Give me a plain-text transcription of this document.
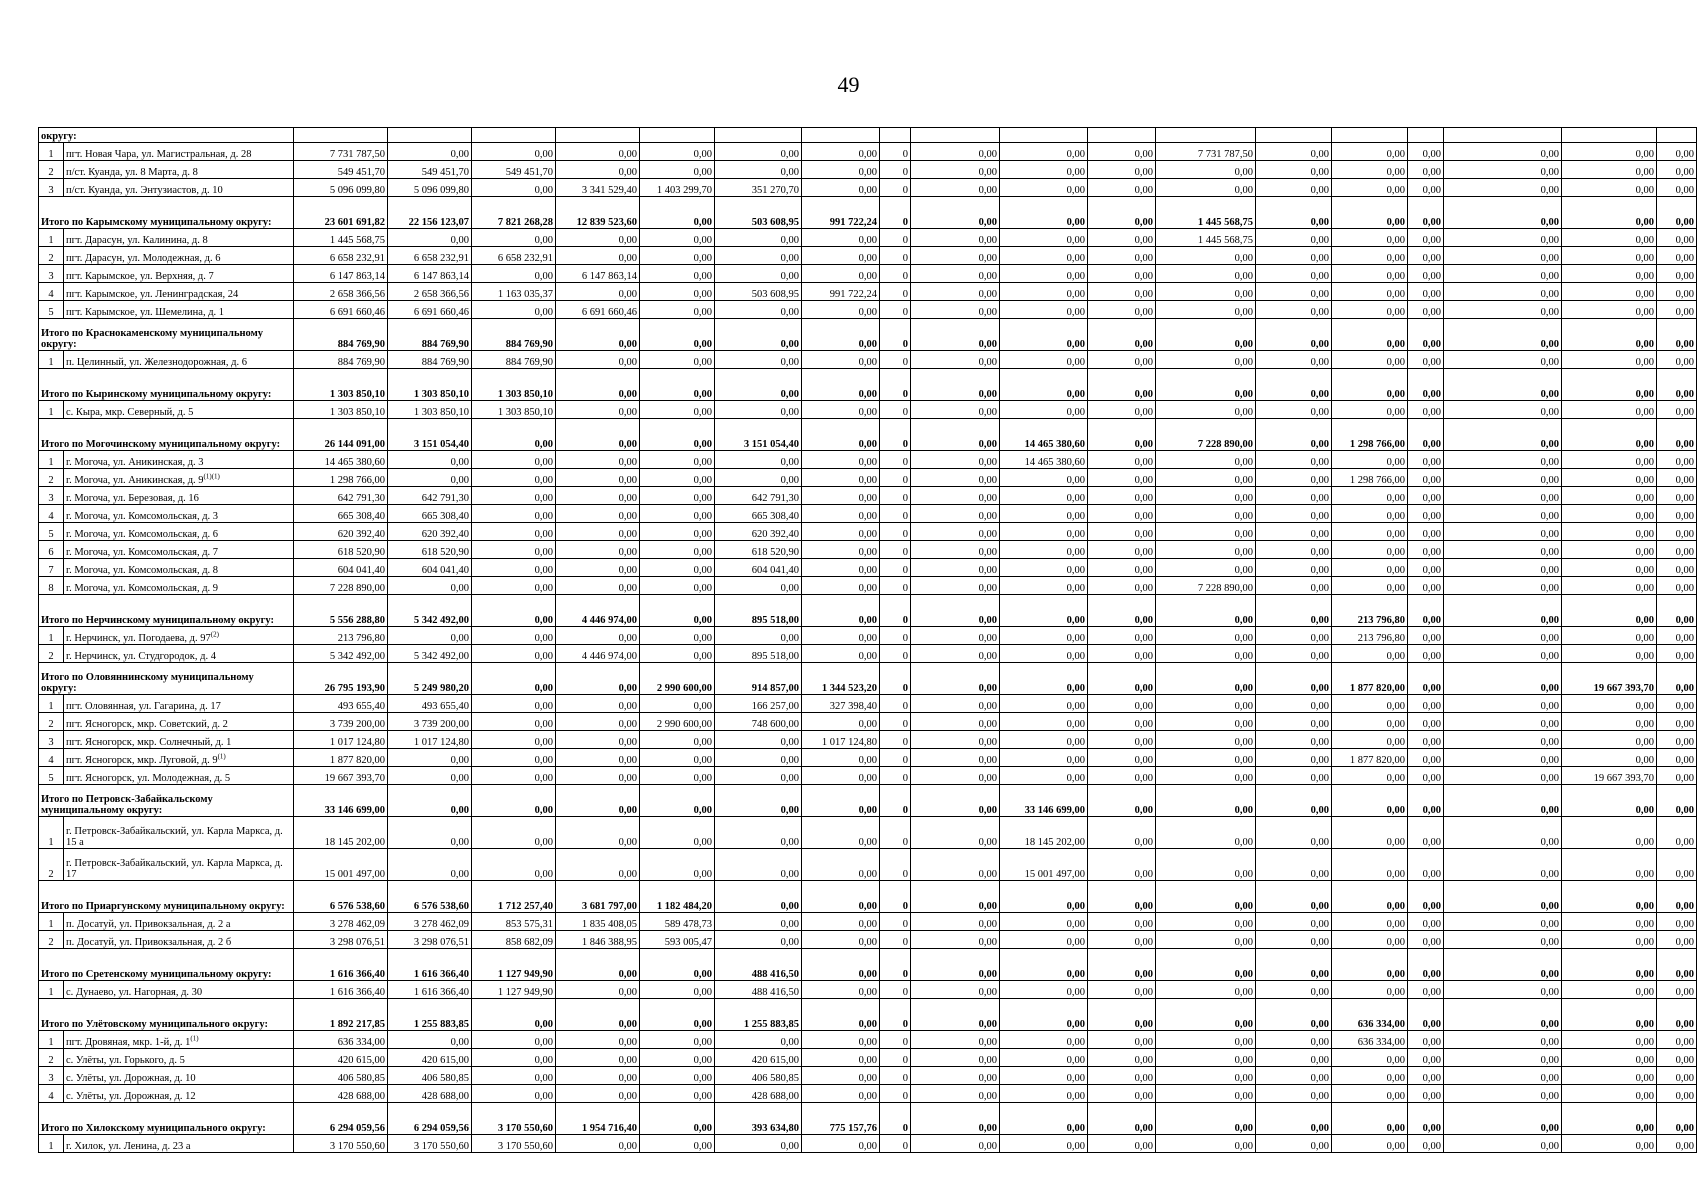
49
округу:																			
1	пгт. Новая Чара, ул. Магистральная, д. 28	7 731 787,50	0,00	0,00	0,00	0,00	0,00	0,00	0	0,00	0,00	0,00	7 731 787,50	0,00	0,00	0,00	0,00	0,00	0,00
2	п/ст. Куанда, ул. 8 Марта, д. 8	549 451,70	549 451,70	549 451,70	0,00	0,00	0,00	0,00	0	0,00	0,00	0,00	0,00	0,00	0,00	0,00	0,00	0,00	0,00
3	п/ст. Куанда, ул. Энтузиастов, д. 10	5 096 099,80	5 096 099,80	0,00	3 341 529,40	1 403 299,70	351 270,70	0,00	0	0,00	0,00	0,00	0,00	0,00	0,00	0,00	0,00	0,00	0,00
Итого по Карымскому муниципальному округу:		23 601 691,82	22 156 123,07	7 821 268,28	12 839 523,60	0,00	503 608,95	991 722,24	0	0,00	0,00	0,00	1 445 568,75	0,00	0,00	0,00	0,00	0,00	0,00
1	пгт. Дарасун, ул. Калинина, д. 8	1 445 568,75	0,00	0,00	0,00	0,00	0,00	0,00	0	0,00	0,00	0,00	1 445 568,75	0,00	0,00	0,00	0,00	0,00	0,00
2	пгт. Дарасун, ул. Молодежная, д. 6	6 658 232,91	6 658 232,91	6 658 232,91	0,00	0,00	0,00	0,00	0	0,00	0,00	0,00	0,00	0,00	0,00	0,00	0,00	0,00	0,00
3	пгт. Карымское, ул. Верхняя, д. 7	6 147 863,14	6 147 863,14	0,00	6 147 863,14	0,00	0,00	0,00	0	0,00	0,00	0,00	0,00	0,00	0,00	0,00	0,00	0,00	0,00
4	пгт. Карымское, ул. Ленинградская, 24	2 658 366,56	2 658 366,56	1 163 035,37	0,00	0,00	503 608,95	991 722,24	0	0,00	0,00	0,00	0,00	0,00	0,00	0,00	0,00	0,00	0,00
5	пгт. Карымское, ул. Шемелина, д. 1	6 691 660,46	6 691 660,46	0,00	6 691 660,46	0,00	0,00	0,00	0	0,00	0,00	0,00	0,00	0,00	0,00	0,00	0,00	0,00	0,00
Итого по Краснокаменскому муниципальному округу:		884 769,90	884 769,90	884 769,90	0,00	0,00	0,00	0,00	0	0,00	0,00	0,00	0,00	0,00	0,00	0,00	0,00	0,00	0,00
1	п. Целинный, ул. Железнодорожная, д. 6	884 769,90	884 769,90	884 769,90	0,00	0,00	0,00	0,00	0	0,00	0,00	0,00	0,00	0,00	0,00	0,00	0,00	0,00	0,00
Итого по Кыринскому муниципальному округу:		1 303 850,10	1 303 850,10	1 303 850,10	0,00	0,00	0,00	0,00	0	0,00	0,00	0,00	0,00	0,00	0,00	0,00	0,00	0,00	0,00
1	с. Кыра, мкр. Северный, д. 5	1 303 850,10	1 303 850,10	1 303 850,10	0,00	0,00	0,00	0,00	0	0,00	0,00	0,00	0,00	0,00	0,00	0,00	0,00	0,00	0,00
Итого по Могочинскому муниципальному округу:		26 144 091,00	3 151 054,40	0,00	0,00	0,00	3 151 054,40	0,00	0	0,00	14 465 380,60	0,00	7 228 890,00	0,00	1 298 766,00	0,00	0,00	0,00	0,00
1	г. Могоча, ул. Аникинская, д. 3	14 465 380,60	0,00	0,00	0,00	0,00	0,00	0,00	0	0,00	14 465 380,60	0,00	0,00	0,00	0,00	0,00	0,00	0,00	0,00
2	г. Могоча, ул. Аникинская, д. $9^{(1)(1)}$	1 298 766,00	0,00	0,00	0,00	0,00	0,00	0,00	0	0,00	0,00	0,00	0,00	0,00	1 298 766,00	0,00	0,00	0,00	0,00
3	г. Могоча, ул. Березовая, д. 16	642 791,30	642 791,30	0,00	0,00	0,00	642 791,30	0,00	0	0,00	0,00	0,00	0,00	0,00	0,00	0,00	0,00	0,00	0,00
4	г. Могоча, ул. Комсомольская, д. 3	665 308,40	665 308,40	0,00	0,00	0,00	665 308,40	0,00	0	0,00	0,00	0,00	0,00	0,00	0,00	0,00	0,00	0,00	0,00
5	г. Могоча, ул. Комсомольская, д. 6	620 392,40	620 392,40	0,00	0,00	0,00	620 392,40	0,00	0	0,00	0,00	0,00	0,00	0,00	0,00	0,00	0,00	0,00	0,00
6	г. Могоча, ул. Комсомольская, д. 7	618 520,90	618 520,90	0,00	0,00	0,00	618 520,90	0,00	0	0,00	0,00	0,00	0,00	0,00	0,00	0,00	0,00	0,00	0,00
7	г. Могоча, ул. Комсомольская, д. 8	604 041,40	604 041,40	0,00	0,00	0,00	604 041,40	0,00	0	0,00	0,00	0,00	0,00	0,00	0,00	0,00	0,00	0,00	0,00
8	г. Могоча, ул. Комсомольская, д. 9	7 228 890,00	0,00	0,00	0,00	0,00	0,00	0,00	0	0,00	0,00	0,00	7 228 890,00	0,00	0,00	0,00	0,00	0,00	0,00
Итого по Нерчинскому муниципальному округу:		5 556 288,80	5 342 492,00	0,00	4 446 974,00	0,00	895 518,00	0,00	0	0,00	0,00	0,00	0,00	0,00	213 796,80	0,00	0,00	0,00	0,00
1	г. Нерчинск, ул. Погодаева, д. 97$^{(2)}$	213 796,80	0,00	0,00	0,00	0,00	0,00	0,00	0	0,00	0,00	0,00	0,00	0,00	213 796,80	0,00	0,00	0,00	0,00
2	г. Нерчинск, ул. Студгородок, д. 4	5 342 492,00	5 342 492,00	0,00	4 446 974,00	0,00	895 518,00	0,00	0	0,00	0,00	0,00	0,00	0,00	0,00	0,00	0,00	0,00	0,00
Итого по Оловяннинскому муниципальному округу:		26 795 193,90	5 249 980,20	0,00	0,00	2 990 600,00	914 857,00	1 344 523,20	0	0,00	0,00	0,00	0,00	0,00	1 877 820,00	0,00	0,00	19 667 393,70	0,00
1	пгт. Оловянная, ул. Гагарина, д. 17	493 655,40	493 655,40	0,00	0,00	0,00	166 257,00	327 398,40	0	0,00	0,00	0,00	0,00	0,00	0,00	0,00	0,00	0,00	0,00
2	пгт. Ясногорск, мкр. Советский, д. 2	3 739 200,00	3 739 200,00	0,00	0,00	2 990 600,00	748 600,00	0,00	0	0,00	0,00	0,00	0,00	0,00	0,00	0,00	0,00	0,00	0,00
3	пгт. Ясногорск, мкр. Солнечный, д. 1	1 017 124,80	1 017 124,80	0,00	0,00	0,00	0,00	1 017 124,80	0	0,00	0,00	0,00	0,00	0,00	0,00	0,00	0,00	0,00	0,00
4	пгт. Ясногорск, мкр. Луговой, д. 9$^{(1)}$	1 877 820,00	0,00	0,00	0,00	0,00	0,00	0,00	0	0,00	0,00	0,00	0,00	0,00	1 877 820,00	0,00	0,00	0,00	0,00
5	пгт. Ясногорск, ул. Молодежная, д. 5	19 667 393,70	0,00	0,00	0,00	0,00	0,00	0,00	0	0,00	0,00	0,00	0,00	0,00	0,00	0,00	0,00	19 667 393,70	0,00
Итого по Петровск-Забайкальскому муниципальному округу:		33 146 699,00	0,00	0,00	0,00	0,00	0,00	0,00	0	0,00	33 146 699,00	0,00	0,00	0,00	0,00	0,00	0,00	0,00	0,00
1	г. Петровск-Забайкальский, ул. Карла Маркса, д. 15 а	18 145 202,00	0,00	0,00	0,00	0,00	0,00	0,00	0	0,00	18 145 202,00	0,00	0,00	0,00	0,00	0,00	0,00	0,00	0,00
2	г. Петровск-Забайкальский, ул. Карла Маркса, д. 17	15 001 497,00	0,00	0,00	0,00	0,00	0,00	0,00	0	0,00	15 001 497,00	0,00	0,00	0,00	0,00	0,00	0,00	0,00	0,00
Итого по Приаргунскому муниципальному округу:		6 576 538,60	6 576 538,60	1 712 257,40	3 681 797,00	1 182 484,20	0,00	0,00	0	0,00	0,00	0,00	0,00	0,00	0,00	0,00	0,00	0,00	0,00
1	п. Досатуй, ул. Привокзальная, д. 2 а	3 278 462,09	3 278 462,09	853 575,31	1 835 408,05	589 478,73	0,00	0,00	0	0,00	0,00	0,00	0,00	0,00	0,00	0,00	0,00	0,00	0,00
2	п. Досатуй, ул. Привокзальная, д. 2 б	3 298 076,51	3 298 076,51	858 682,09	1 846 388,95	593 005,47	0,00	0,00	0	0,00	0,00	0,00	0,00	0,00	0,00	0,00	0,00	0,00	0,00
Итого по Сретенскому муниципальному округу:		1 616 366,40	1 616 366,40	1 127 949,90	0,00	0,00	488 416,50	0,00	0	0,00	0,00	0,00	0,00	0,00	0,00	0,00	0,00	0,00	0,00
1	с. Дунаево, ул. Нагорная, д. 30	1 616 366,40	1 616 366,40	1 127 949,90	0,00	0,00	488 416,50	0,00	0	0,00	0,00	0,00	0,00	0,00	0,00	0,00	0,00	0,00	0,00
Итого по Улётовскому муниципального округу:		1 892 217,85	1 255 883,85	0,00	0,00	0,00	1 255 883,85	0,00	0	0,00	0,00	0,00	0,00	0,00	636 334,00	0,00	0,00	0,00	0,00
1	пгт. Дровяная, мкр. 1-й, д. 1$^{(1)}$	636 334,00	0,00	0,00	0,00	0,00	0,00	0,00	0	0,00	0,00	0,00	0,00	0,00	636 334,00	0,00	0,00	0,00	0,00
2	с. Улёты, ул. Горького, д. 5	420 615,00	420 615,00	0,00	0,00	0,00	420 615,00	0,00	0	0,00	0,00	0,00	0,00	0,00	0,00	0,00	0,00	0,00	0,00
3	с. Улёты, ул. Дорожная, д. 10	406 580,85	406 580,85	0,00	0,00	0,00	406 580,85	0,00	0	0,00	0,00	0,00	0,00	0,00	0,00	0,00	0,00	0,00	0,00
4	с. Улёты, ул. Дорожная, д. 12	428 688,00	428 688,00	0,00	0,00	0,00	428 688,00	0,00	0	0,00	0,00	0,00	0,00	0,00	0,00	0,00	0,00	0,00	0,00
Итого по Хилокскому муниципального округу:		6 294 059,56	6 294 059,56	3 170 550,60	1 954 716,40	0,00	393 634,80	775 157,76	0	0,00	0,00	0,00	0,00	0,00	0,00	0,00	0,00	0,00	0,00
1	г. Хилок, ул. Ленина, д. 23 а	3 170 550,60	3 170 550,60	3 170 550,60	0,00	0,00	0,00	0,00	0	0,00	0,00	0,00	0,00	0,00	0,00	0,00	0,00	0,00	0,00
